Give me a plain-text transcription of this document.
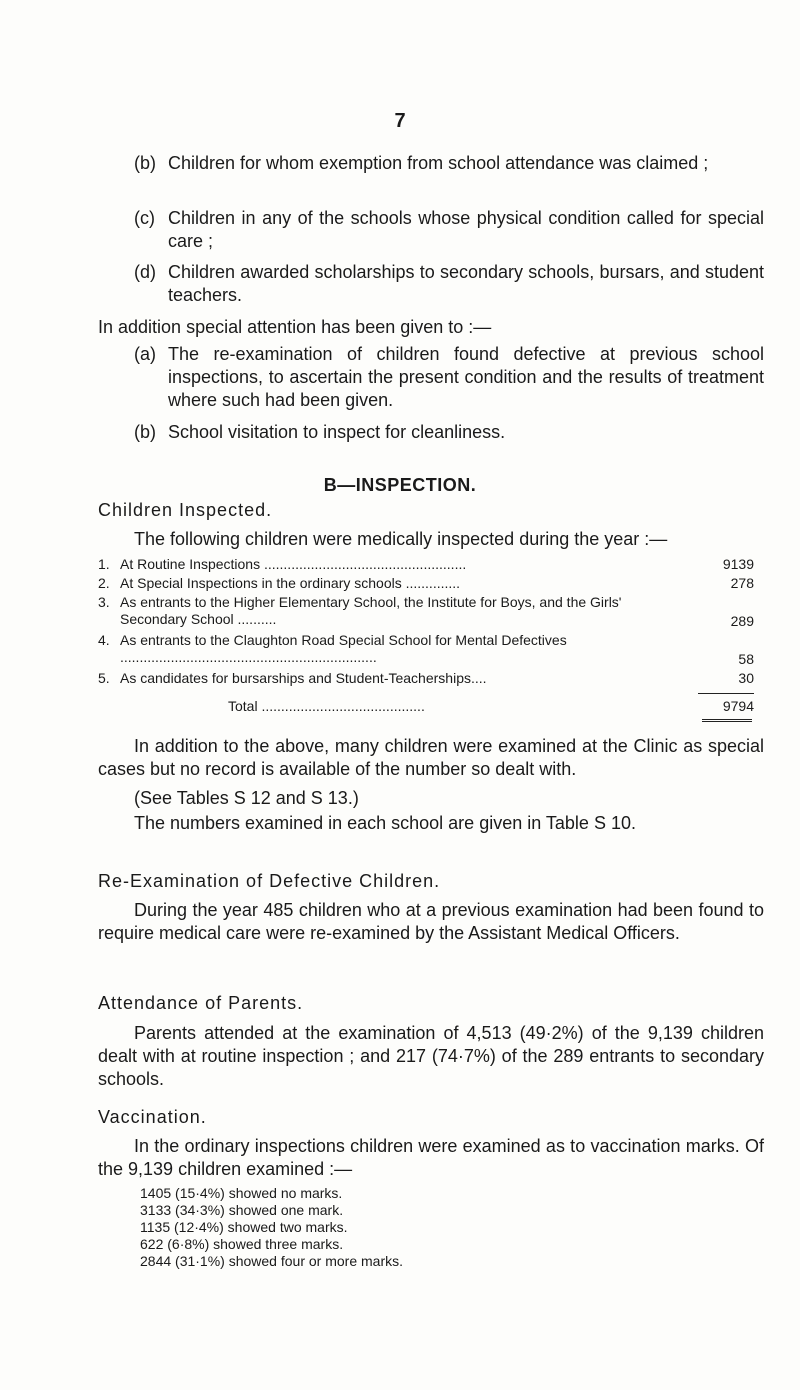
7
(b) Children for whom exemption from school attendance was claimed ;
(c) Children in any of the schools whose physical condition called for special care ;
(d) Children awarded scholarships to secondary schools, bursars, and student teachers.
In addition special attention has been given to :—
(a) The re-examination of children found defective at previous school inspections, to ascertain the present condition and the results of treatment where such had been given.
(b) School visitation to inspect for cleanliness.
B—INSPECTION.
Children Inspected.
The following children were medically inspected during the year :—
1. At Routine Inspections ....................................................	9139
2. At Special Inspections in the ordinary schools ..............	278
3. As entrants to the Higher Elementary School, the Institute for Boys, and the Girls' Secondary School ..........	289
4. As entrants to the Claughton Road Special School for Mental Defectives ..................................................................	58
5. As candidates for bursarships and Student-Teacherships....	30
Total ..........................................	9794
In addition to the above, many children were examined at the Clinic as special cases but no record is available of the number so dealt with.
(See Tables S 12 and S 13.)
The numbers examined in each school are given in Table S 10.
Re-Examination of Defective Children.
During the year 485 children who at a previous examination had been found to require medical care were re-examined by the Assistant Medical Officers.
Attendance of Parents.
Parents attended at the examination of 4,513 (49·2%) of the 9,139 children dealt with at routine inspection ; and 217 (74·7%) of the 289 entrants to secondary schools.
Vaccination.
In the ordinary inspections children were examined as to vaccination marks. Of the 9,139 children examined :—
1405 (15·4%) showed no marks.
3133 (34·3%) showed one mark.
1135 (12·4%) showed two marks.
622 (6·8%) showed three marks.
2844 (31·1%) showed four or more marks.
